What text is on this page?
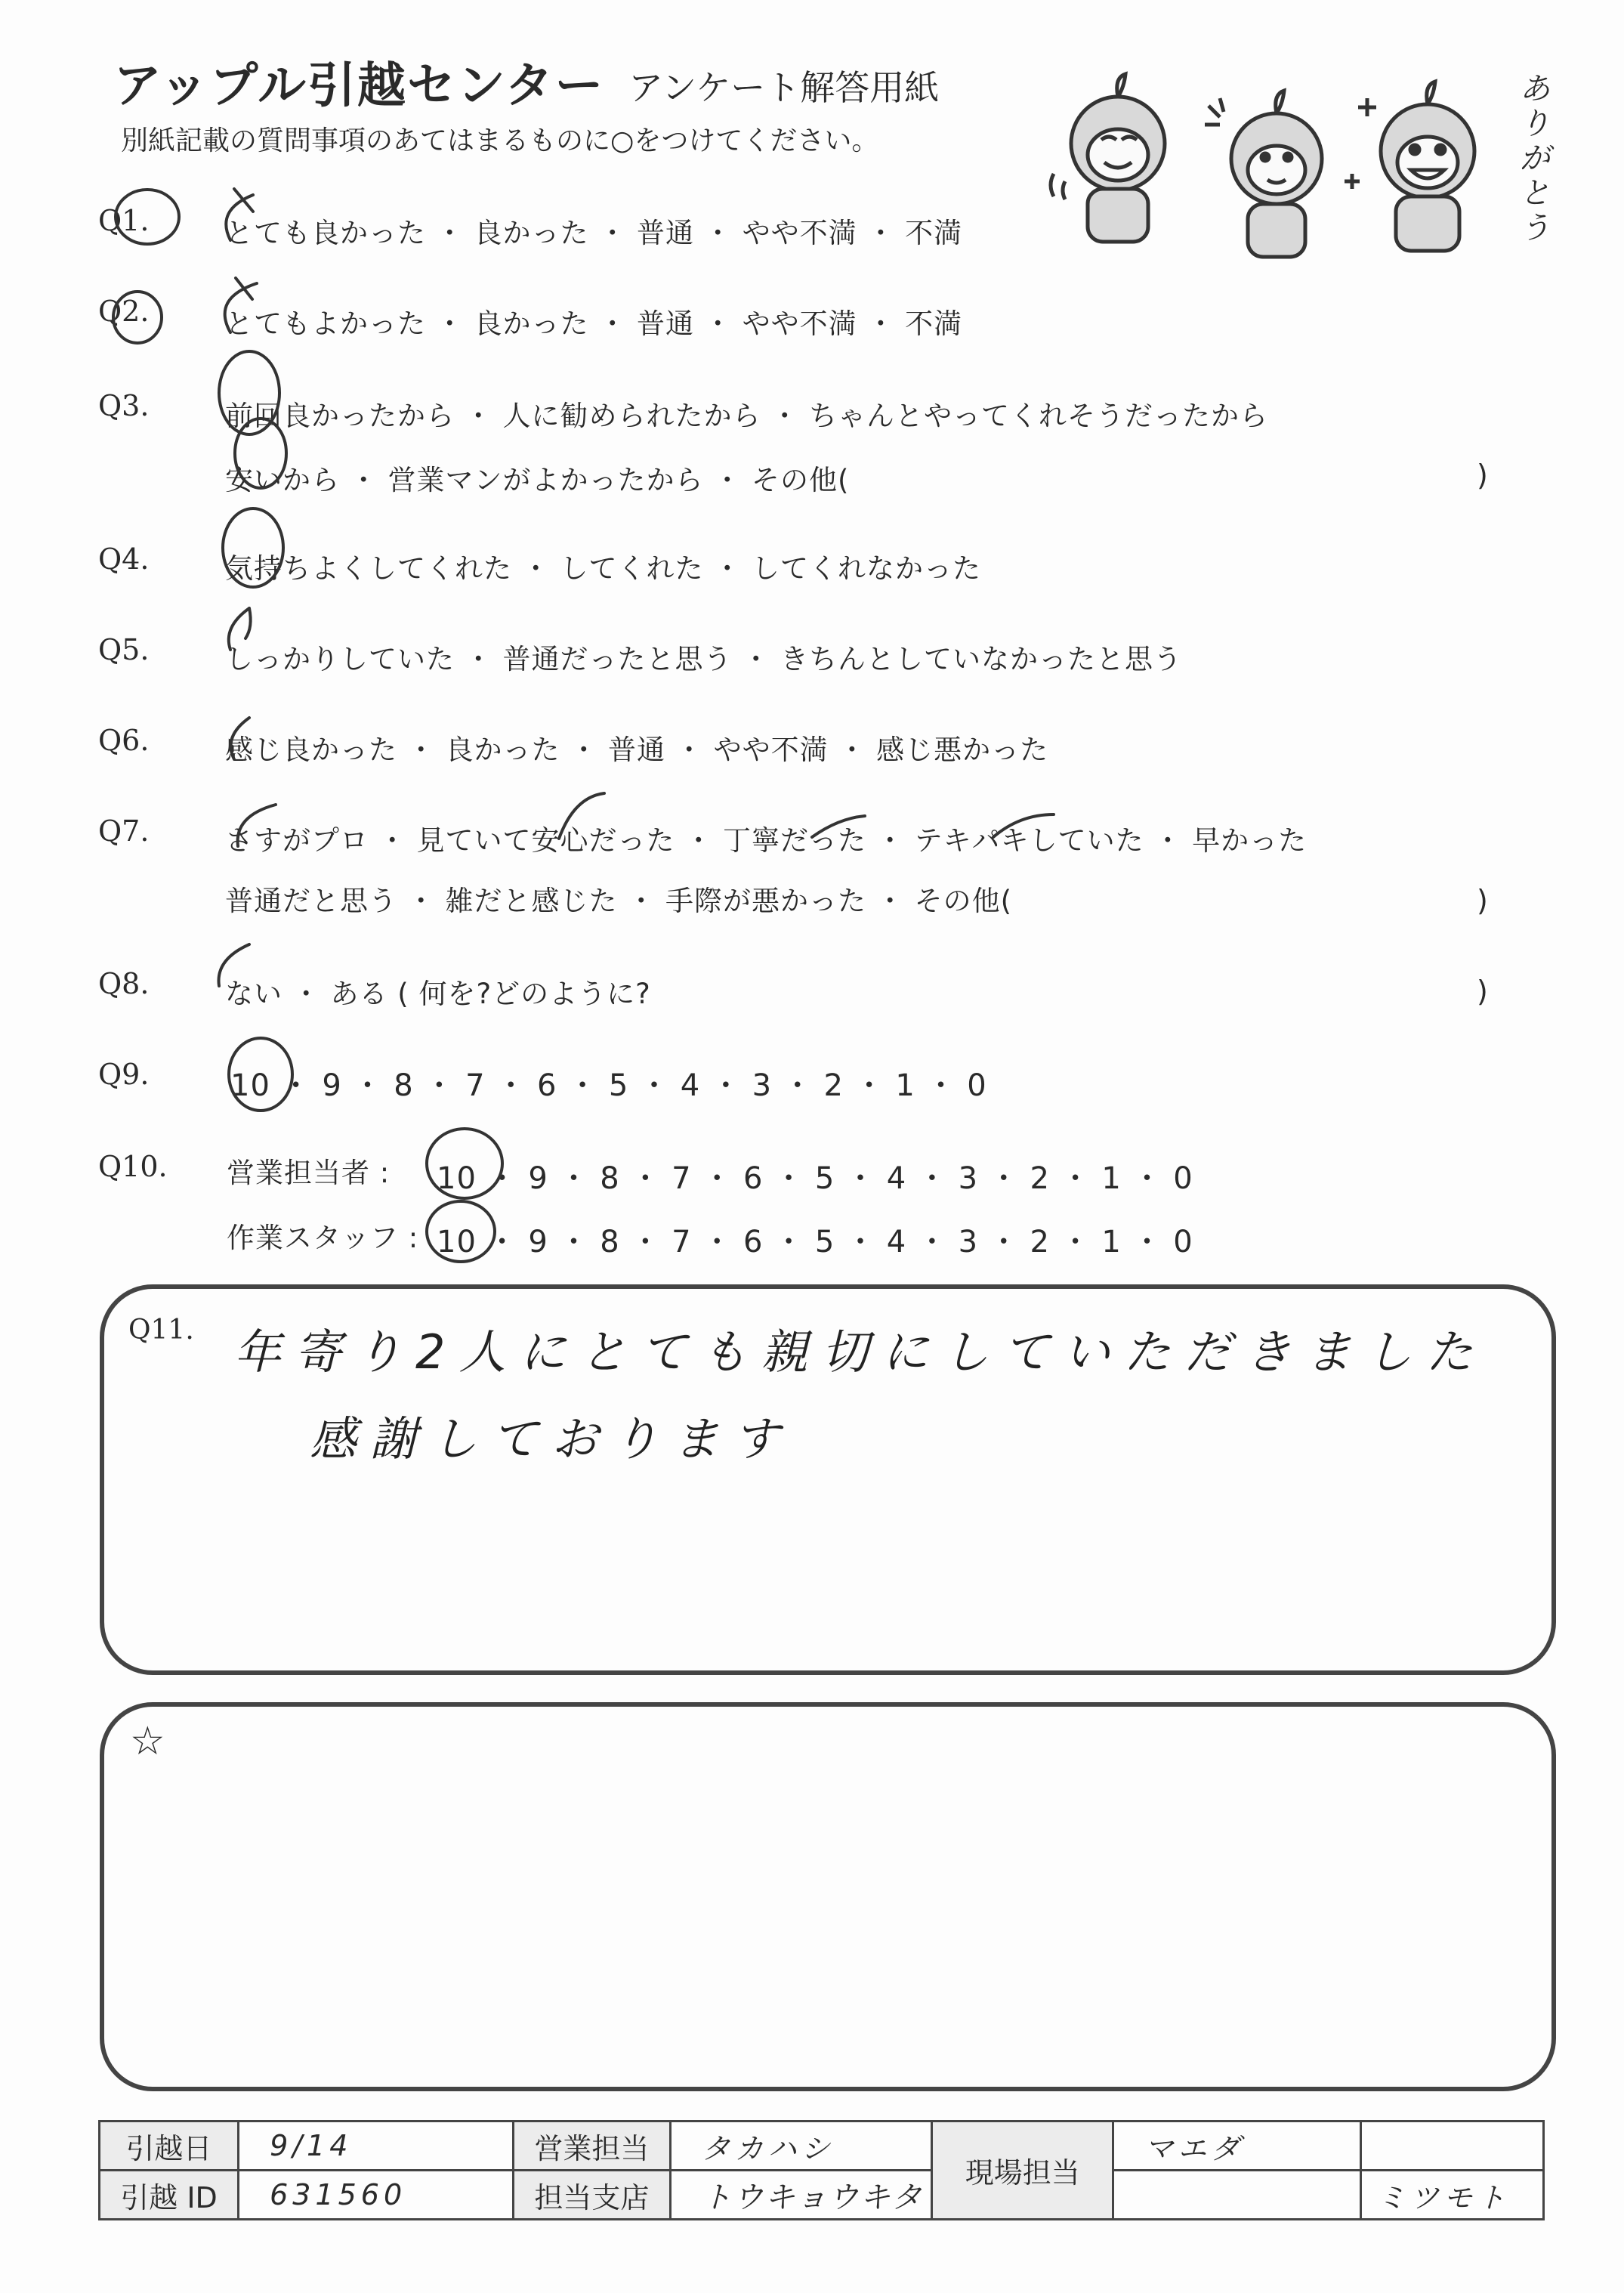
アップル引越センター アンケート解答用紙
別紙記載の質問事項のあてはまるものに○をつけてください。
ありがとう
Q1.	とても良かった ・ 良かった ・ 普通 ・ やや不満 ・ 不満
Q2.	とてもよかった ・ 良かった ・ 普通 ・ やや不満 ・ 不満
Q3.	前回良かったから ・ 人に勧められたから ・ ちゃんとやってくれそうだったから
安いから ・ 営業マンがよかったから ・ その他(	)
Q4.	気持ちよくしてくれた ・ してくれた ・ してくれなかった
Q5.	しっかりしていた ・ 普通だったと思う ・ きちんとしていなかったと思う
Q6.	感じ良かった ・ 良かった ・ 普通 ・ やや不満 ・ 感じ悪かった
Q7.	さすがプロ ・ 見ていて安心だった ・ 丁寧だった ・ テキパキしていた ・ 早かった
普通だと思う ・ 雑だと感じた ・ 手際が悪かった ・ その他(	)
Q8.	ない ・ ある ( 何を?どのように?	)
Q9.	10 ・ 9 ・ 8 ・ 7 ・ 6 ・ 5 ・ 4 ・ 3 ・ 2 ・ 1 ・ 0
Q10. 営業担当者 : 10 ・ 9 ・ 8 ・ 7 ・ 6 ・ 5 ・ 4 ・ 3 ・ 2 ・ 1 ・ 0
作業スタッフ : 10 ・ 9 ・ 8 ・ 7 ・ 6 ・ 5 ・ 4 ・ 3 ・ 2 ・ 1 ・ 0
Q11. 年寄り2人にとても親切にしていただきました
感謝しております
☆
引越日	9/14	営業担当	タカハシ	現場担当	マエダ	
引越 ID	631560	担当支店	トウキョウキタ			ミツモト
